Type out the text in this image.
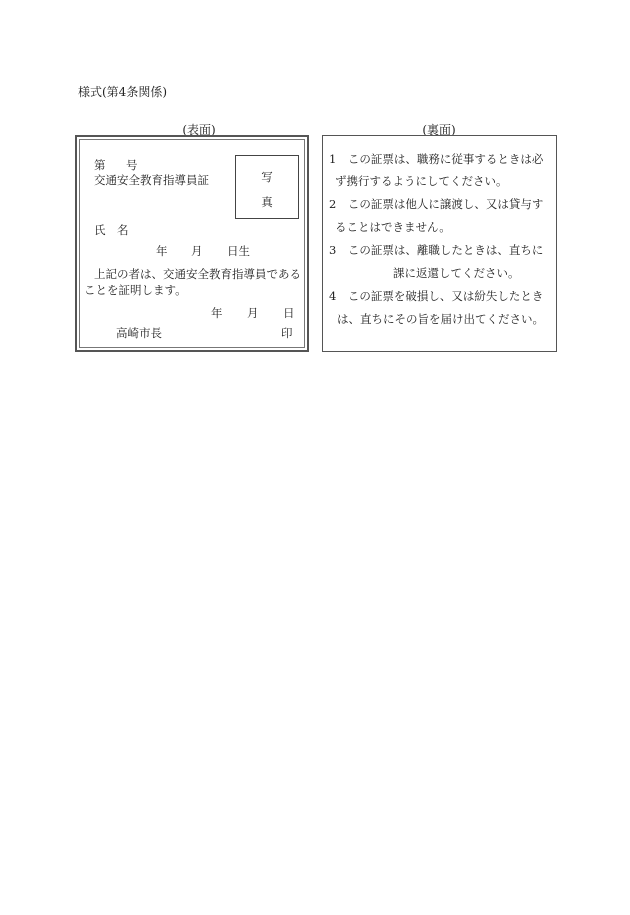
様式(第4条関係)
(表面)	(裏面)
第 号
交通安全教育指導員証	写
真
氏　名
年 月 日生
上記の者は、交通安全教育指導員である
ことを証明します。
年 月 日
高崎市長	印
1　この証票は、職務に従事するときは必
ず携行するようにしてください。
2　この証票は他人に譲渡し、又は貸与す
ることはできません。
3　この証票は、離職したときは、直ちに
課に返還してください。
4　この証票を破損し、又は紛失したとき
は、直ちにその旨を届け出てください。
